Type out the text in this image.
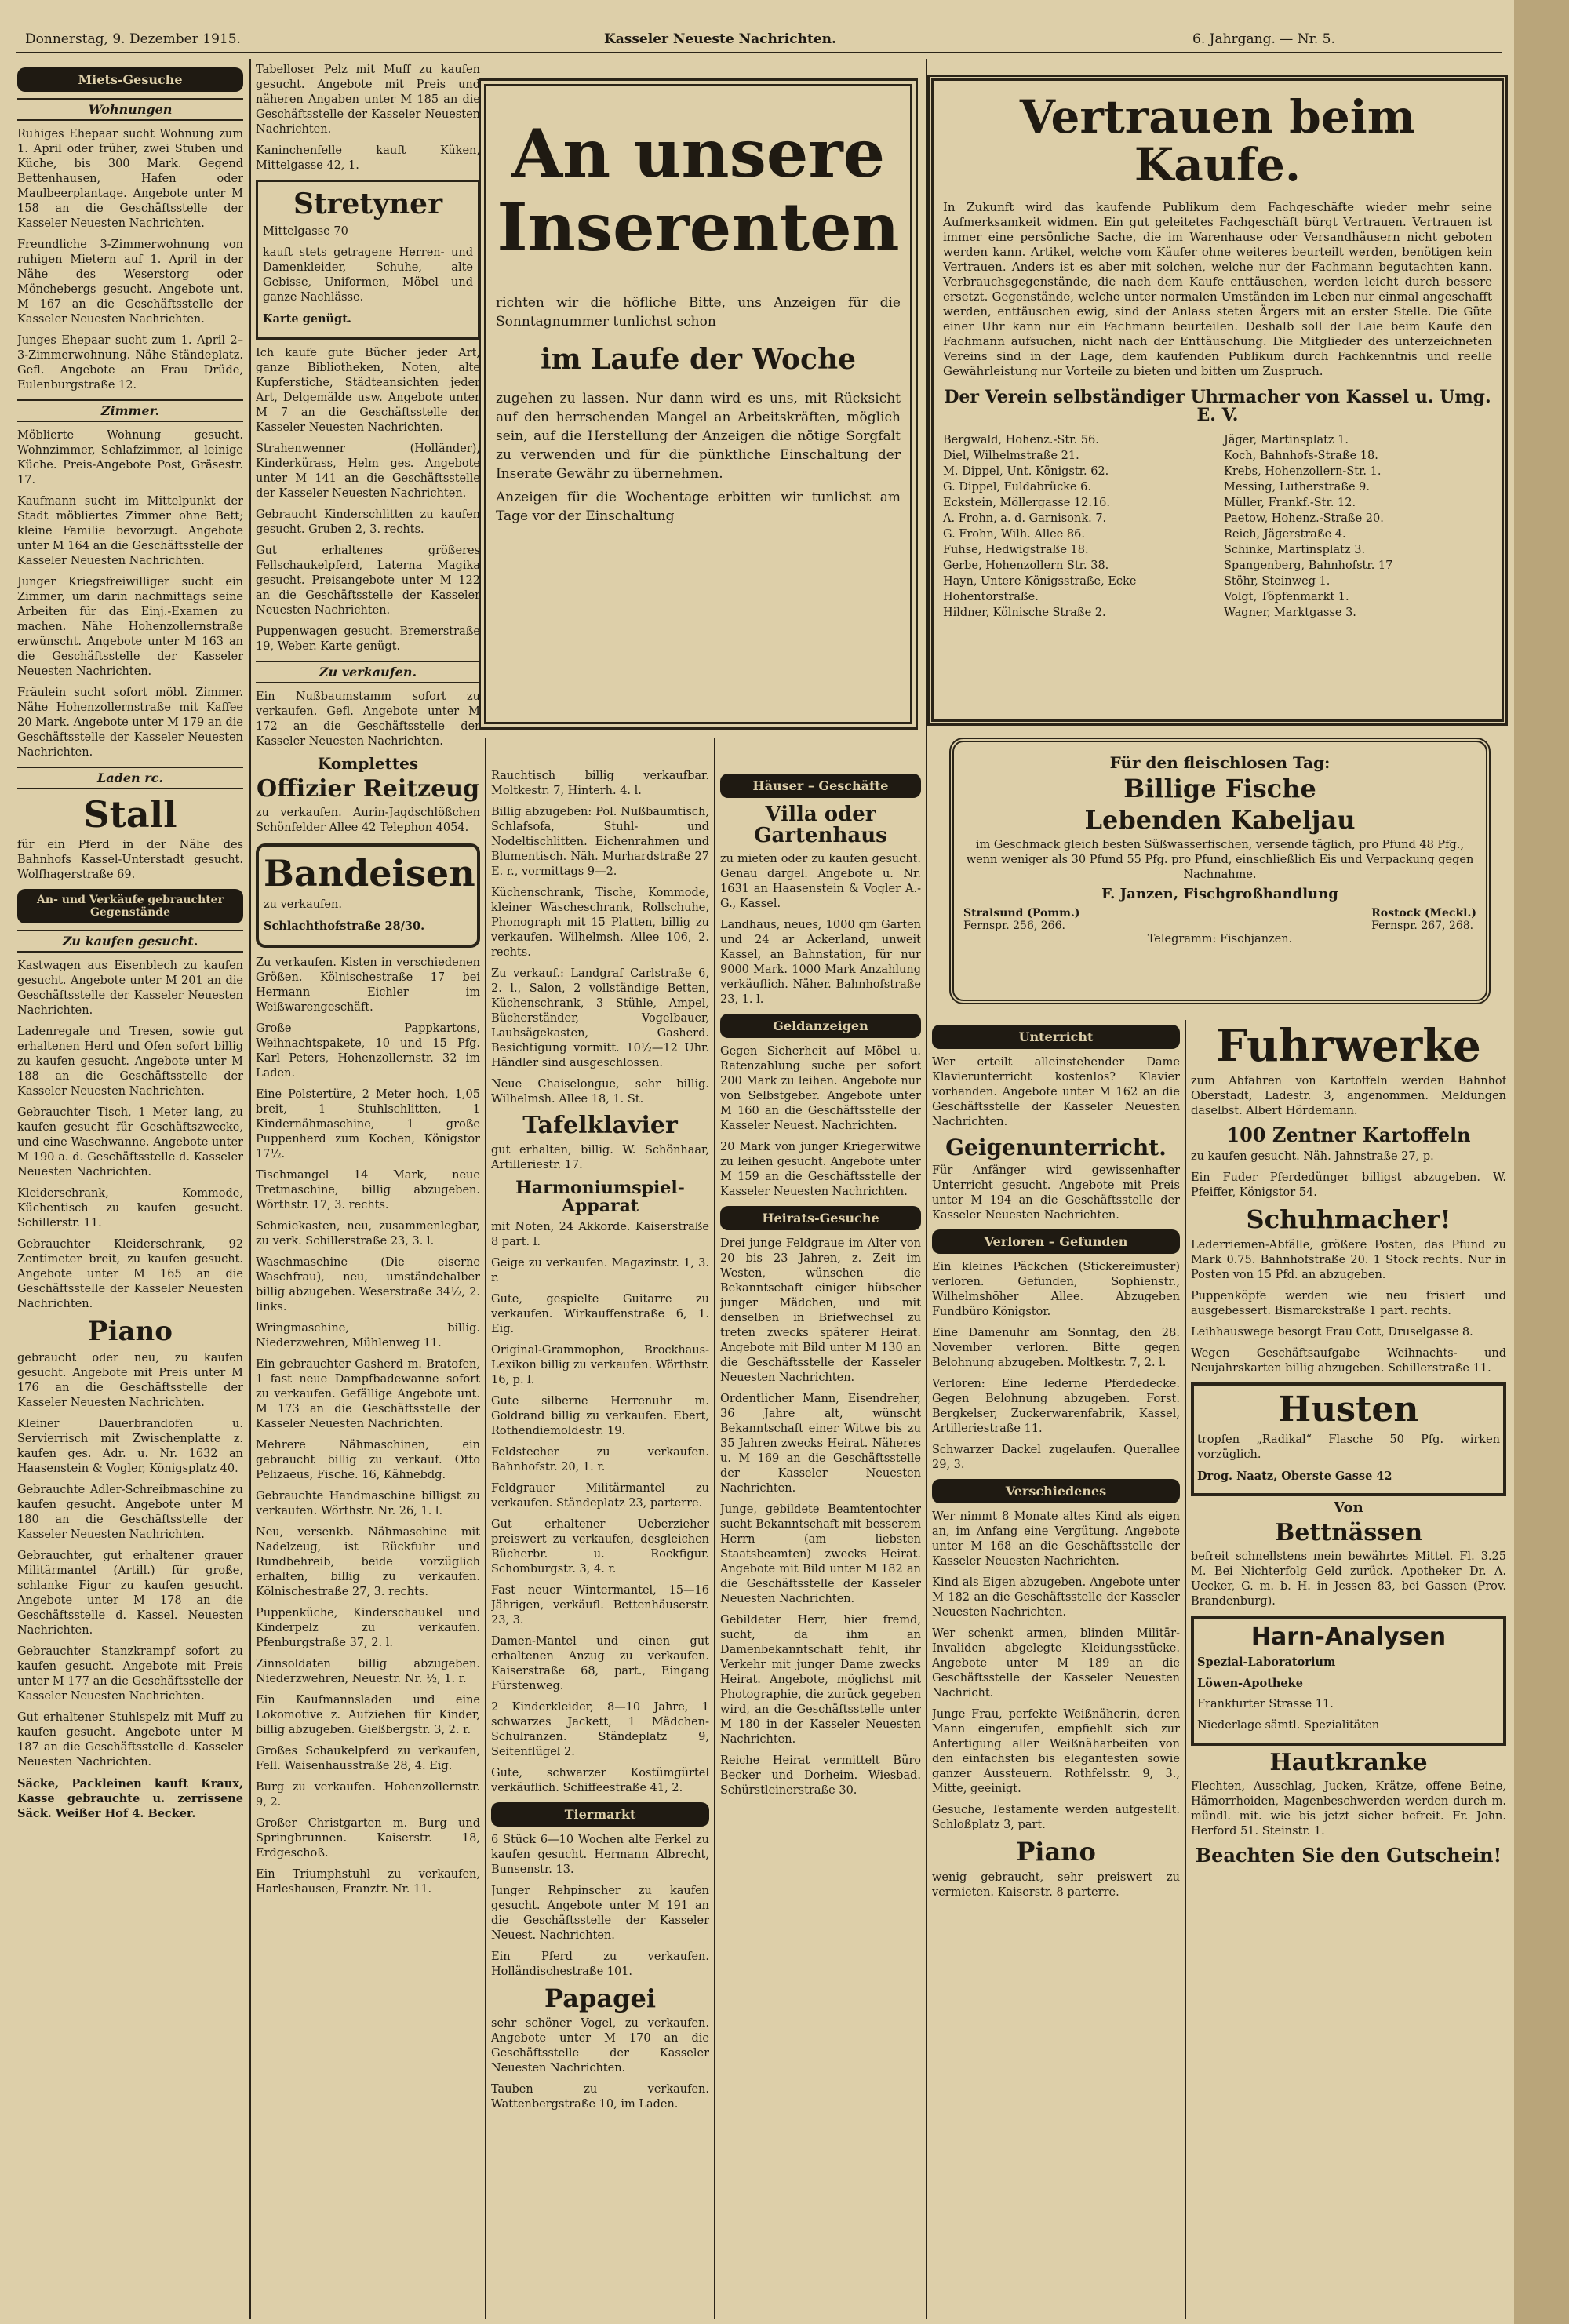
Donnerstag, 9. Dezember 1915.	Kasseler Neueste Nachrichten.	6. Jahrgang. — Nr. 5.
Miets-Gesuche
Wohnungen

Ruhiges Ehepaar sucht Wohnung zum 1. April oder früher, zwei Stuben und Küche, bis 300 Mark. Gegend Bettenhausen, Hafen oder Maulbeerplantage. Angebote unter M 158 an die Geschäftsstelle der Kasseler Neuesten Nachrichten.

Freundliche 3-Zimmerwohnung von ruhigen Mietern auf 1. April in der Nähe des Weserstorg oder Mönchebergs gesucht. Angebote unt. M 167 an die Geschäftsstelle der Kasseler Neuesten Nachrichten.

Junges Ehepaar sucht zum 1. April 2–3-Zimmerwohnung. Nähe Ständeplatz. Gefl. Angebote an Frau Drüde, Eulenburgstraße 12.

Zimmer.

Möblierte Wohnung gesucht. Wohnzimmer, Schlafzimmer, al leinige Küche. Preis-Angebote Post, Gräsestr. 17.

Kaufmann sucht im Mittelpunkt der Stadt möbliertes Zimmer ohne Bett; kleine Familie bevorzugt. Angebote unter M 164 an die Geschäftsstelle der Kasseler Neuesten Nachrichten.

Junger Kriegsfreiwilliger sucht ein Zimmer, um darin nachmittags seine Arbeiten für das Einj.-Examen zu machen. Nähe Hohenzollernstraße erwünscht. Angebote unter M 163 an die Geschäftsstelle der Kasseler Neuesten Nachrichten.

Fräulein sucht sofort möbl. Zimmer. Nähe Hohenzollernstraße mit Kaffee 20 Mark. Angebote unter M 179 an die Geschäftsstelle der Kasseler Neuesten Nachrichten.

Laden rc.
Stall

für ein Pferd in der Nähe des Bahnhofs Kassel-Unterstadt gesucht. Wolfhagerstraße 69.

An- und Verkäufe gebrauchter Gegenstände
Zu kaufen gesucht.

Kastwagen aus Eisenblech zu kaufen gesucht. Angebote unter M 201 an die Geschäftsstelle der Kasseler Neuesten Nachrichten.

Ladenregale und Tresen, sowie gut erhaltenen Herd und Ofen sofort billig zu kaufen gesucht. Angebote unter M 188 an die Geschäftsstelle der Kasseler Neuesten Nachrichten.

Gebrauchter Tisch, 1 Meter lang, zu kaufen gesucht für Geschäftszwecke, und eine Waschwanne. Angebote unter M 190 a. d. Geschäftsstelle d. Kasseler Neuesten Nachrichten.

Kleiderschrank, Kommode, Küchentisch zu kaufen gesucht. Schillerstr. 11.

Gebrauchter Kleiderschrank, 92 Zentimeter breit, zu kaufen gesucht. Angebote unter M 165 an die Geschäftsstelle der Kasseler Neuesten Nachrichten.

Piano

gebraucht oder neu, zu kaufen gesucht. Angebote mit Preis unter M 176 an die Geschäftsstelle der Kasseler Neuesten Nachrichten.

Kleiner Dauerbrandofen u. Servierrisch mit Zwischenplatte z. kaufen ges. Adr. u. Nr. 1632 an Haasenstein & Vogler, Königsplatz 40.

Gebrauchte Adler-Schreibmaschine zu kaufen gesucht. Angebote unter M 180 an die Geschäftsstelle der Kasseler Neuesten Nachrichten.

Gebrauchter, gut erhaltener grauer Militärmantel (Artill.) für große, schlanke Figur zu kaufen gesucht. Angebote unter M 178 an die Geschäftsstelle d. Kassel. Neuesten Nachrichten.

Gebrauchter Stanzkrampf sofort zu kaufen gesucht. Angebote mit Preis unter M 177 an die Geschäftsstelle der Kasseler Neuesten Nachrichten.

Gut erhaltener Stuhlspelz mit Muff zu kaufen gesucht. Angebote unter M 187 an die Geschäftsstelle d. Kasseler Neuesten Nachrichten.

Säcke, Packleinen kauft Kraux, Kasse gebrauchte u. zerrissene Säck. Weißer Hof 4. Becker.

Tabelloser Pelz mit Muff zu kaufen gesucht. Angebote mit Preis und näheren Angaben unter M 185 an die Geschäftsstelle der Kasseler Neuesten Nachrichten.

Kaninchenfelle kauft Küken, Mittelgasse 42, 1.

Stretyner

Mittelgasse 70

kauft stets getragene Herren- und Damenkleider, Schuhe, alte Gebisse, Uniformen, Möbel und ganze Nachlässe.

Karte genügt.

Ich kaufe gute Bücher jeder Art, ganze Bibliotheken, Noten, alte Kupferstiche, Städteansichten jeder Art, Delgemälde usw. Angebote unter M 7 an die Geschäftsstelle der Kasseler Neuesten Nachrichten.

Strahenwenner (Holländer), Kinderkürass, Helm ges. Angebote unter M 141 an die Geschäftsstelle der Kasseler Neuesten Nachrichten.

Gebraucht Kinderschlitten zu kaufen gesucht. Gruben 2, 3. rechts.

Gut erhaltenes größeres Fellschaukelpferd, Laterna Magika gesucht. Preisangebote unter M 122 an die Geschäftsstelle der Kasseler Neuesten Nachrichten.

Puppenwagen gesucht. Bremerstraße 19, Weber. Karte genügt.

Zu verkaufen.

Ein Nußbaumstamm sofort zu verkaufen. Gefl. Angebote unter M 172 an die Geschäftsstelle der Kasseler Neuesten Nachrichten.

Komplettes
Offizier Reitzeug

zu verkaufen. Aurin-Jagdschlößchen Schönfelder Allee 42 Telephon 4054.

Bandeisen

zu verkaufen.

Schlachthofstraße 28/30.

Zu verkaufen. Kisten in verschiedenen Größen. Kölnischestraße 17 bei Hermann Eichler im Weißwarengeschäft.

Große Pappkartons, Weihnachtspakete, 10 und 15 Pfg. Karl Peters, Hohenzollernstr. 32 im Laden.

Eine Polstertüre, 2 Meter hoch, 1,05 breit, 1 Stuhlschlitten, 1 Kindernähmaschine, 1 große Puppenherd zum Kochen, Königstor 17½.

Tischmangel 14 Mark, neue Tretmaschine, billig abzugeben. Wörthstr. 17, 3. rechts.

Schmiekasten, neu, zusammenlegbar, zu verk. Schillerstraße 23, 3. l.

Waschmaschine (Die eiserne Waschfrau), neu, umständehalber billig abzugeben. Weserstraße 34½, 2. links.

Wringmaschine, billig. Niederzwehren, Mühlenweg 11.

Ein gebrauchter Gasherd m. Bratofen, 1 fast neue Dampfbadewanne sofort zu verkaufen. Gefällige Angebote unt. M 173 an die Geschäftsstelle der Kasseler Neuesten Nachrichten.

Mehrere Nähmaschinen, ein gebraucht billig zu verkauf. Otto Pelizaeus, Fische. 16, Kähnebdg.

Gebrauchte Handmaschine billigst zu verkaufen. Wörthstr. Nr. 26, 1. l.

Neu, versenkb. Nähmaschine mit Nadelzeug, ist Rückfuhr und Rundbehreib, beide vorzüglich erhalten, billig zu verkaufen. Kölnischestraße 27, 3. rechts.

Puppenküche, Kinderschaukel und Kinderpelz zu verkaufen. Pfenburgstraße 37, 2. l.

Zinnsoldaten billig abzugeben. Niederzwehren, Neuestr. Nr. ½, 1. r.

Ein Kaufmannsladen und eine Lokomotive z. Aufziehen für Kinder, billig abzugeben. Gießbergstr. 3, 2. r.

Großes Schaukelpferd zu verkaufen, Fell. Waisenhausstraße 28, 4. Eig.

Burg zu verkaufen. Hohenzollernstr. 9, 2.

Großer Christgarten m. Burg und Springbrunnen. Kaiserstr. 18, Erdgeschoß.

Ein Triumphstuhl zu verkaufen, Harleshausen, Franztr. Nr. 11.

An unsere
Inserenten

richten wir die höfliche Bitte, uns Anzeigen für die Sonntagnummer tunlichst schon

im Laufe der Woche

zugehen zu lassen. Nur dann wird es uns, mit Rücksicht auf den herrschenden Mangel an Arbeitskräften, möglich sein, auf die Herstellung der Anzeigen die nötige Sorgfalt zu verwenden und für die pünktliche Einschaltung der Inserate Gewähr zu übernehmen.

Anzeigen für die Wochentage erbitten wir tunlichst am Tage vor der Einschaltung

Rauchtisch billig verkaufbar. Moltkestr. 7, Hinterh. 4. l.

Billig abzugeben: Pol. Nußbaumtisch, Schlafsofa, Stuhl- und Nodeltischlitten. Eichenrahmen und Blumentisch. Näh. Murhardstraße 27 E. r., vormittags 9—2.

Küchenschrank, Tische, Kommode, kleiner Wäscheschrank, Rollschuhe, Phonograph mit 15 Platten, billig zu verkaufen. Wilhelmsh. Allee 106, 2. rechts.

Zu verkauf.: Landgraf Carlstraße 6, 2. l., Salon, 2 vollständige Betten, Küchenschrank, 3 Stühle, Ampel, Bücherständer, Vogelbauer, Laubsägekasten, Gasherd. Besichtigung vormitt. 10½—12 Uhr. Händler sind ausgeschlossen.

Neue Chaiselongue, sehr billig. Wilhelmsh. Allee 18, 1. St.

Tafelklavier

gut erhalten, billig. W. Schönhaar, Artilleriestr. 17.

Harmoniumspiel-Apparat

mit Noten, 24 Akkorde. Kaiserstraße 8 part. l.

Geige zu verkaufen. Magazinstr. 1, 3. r.

Gute, gespielte Guitarre zu verkaufen. Wirkauffenstraße 6, 1. Eig.

Original-Grammophon, Brockhaus-Lexikon billig zu verkaufen. Wörthstr. 16, p. l.

Gute silberne Herrenuhr m. Goldrand billig zu verkaufen. Ebert, Rothendiemoldestr. 19.

Feldstecher zu verkaufen. Bahnhofstr. 20, 1. r.

Feldgrauer Militärmantel zu verkaufen. Ständeplatz 23, parterre.

Gut erhaltener Ueberzieher preiswert zu verkaufen, desgleichen Bücherbr. u. Rockfigur. Schomburgstr. 3, 4. r.

Fast neuer Wintermantel, 15—16 Jährigen, verkäufl. Bettenhäuserstr. 23, 3.

Damen-Mantel und einen gut erhaltenen Anzug zu verkaufen. Kaiserstraße 68, part., Eingang Fürstenweg.

2 Kinderkleider, 8—10 Jahre, 1 schwarzes Jackett, 1 Mädchen-Schulranzen. Ständeplatz 9, Seitenflügel 2.

Gute, schwarzer Kostümgürtel verkäuflich. Schiffeestraße 41, 2.

Tiermarkt

6 Stück 6—10 Wochen alte Ferkel zu kaufen gesucht. Hermann Albrecht, Bunsenstr. 13.

Junger Rehpinscher zu kaufen gesucht. Angebote unter M 191 an die Geschäftsstelle der Kasseler Neuest. Nachrichten.

Ein Pferd zu verkaufen. Holländischestraße 101.

Papagei

sehr schöner Vogel, zu verkaufen. Angebote unter M 170 an die Geschäftsstelle der Kasseler Neuesten Nachrichten.

Tauben zu verkaufen. Wattenbergstraße 10, im Laden.

Häuser – Geschäfte
Villa oder Gartenhaus

zu mieten oder zu kaufen gesucht. Genau dargel. Angebote u. Nr. 1631 an Haasenstein & Vogler A.-G., Kassel.

Landhaus, neues, 1000 qm Garten und 24 ar Ackerland, unweit Kassel, an Bahnstation, für nur 9000 Mark. 1000 Mark Anzahlung verkäuflich. Näher. Bahnhofstraße 23, 1. l.

Geldanzeigen

Gegen Sicherheit auf Möbel u. Ratenzahlung suche per sofort 200 Mark zu leihen. Angebote nur von Selbstgeber. Angebote unter M 160 an die Geschäftsstelle der Kasseler Neuest. Nachrichten.

20 Mark von junger Kriegerwitwe zu leihen gesucht. Angebote unter M 159 an die Geschäftsstelle der Kasseler Neuesten Nachrichten.

Heirats-Gesuche

Drei junge Feldgraue im Alter von 20 bis 23 Jahren, z. Zeit im Westen, wünschen die Bekanntschaft einiger hübscher junger Mädchen, und mit denselben in Briefwechsel zu treten zwecks späterer Heirat. Angebote mit Bild unter M 130 an die Geschäftsstelle der Kasseler Neuesten Nachrichten.

Ordentlicher Mann, Eisendreher, 36 Jahre alt, wünscht Bekanntschaft einer Witwe bis zu 35 Jahren zwecks Heirat. Näheres u. M 169 an die Geschäftsstelle der Kasseler Neuesten Nachrichten.

Junge, gebildete Beamtentochter sucht Bekanntschaft mit besserem Herrn (am liebsten Staatsbeamten) zwecks Heirat. Angebote mit Bild unter M 182 an die Geschäftsstelle der Kasseler Neuesten Nachrichten.

Gebildeter Herr, hier fremd, sucht, da ihm an Damenbekanntschaft fehlt, ihr Verkehr mit junger Dame zwecks Heirat. Angebote, möglichst mit Photographie, die zurück gegeben wird, an die Geschäftsstelle unter M 180 in der Kasseler Neuesten Nachrichten.

Reiche Heirat vermittelt Büro Becker und Dorheim. Wiesbad. Schürstleinerstraße 30.

Vertrauen beim Kaufe.

In Zukunft wird das kaufende Publikum dem Fachgeschäfte wieder mehr seine Aufmerksamkeit widmen. Ein gut geleitetes Fachgeschäft bürgt Vertrauen. Vertrauen ist immer eine persönliche Sache, die im Warenhause oder Versandhäusern nicht geboten werden kann. Artikel, welche vom Käufer ohne weiteres beurteilt werden, benötigen kein Vertrauen. Anders ist es aber mit solchen, welche nur der Fachmann begutachten kann. Verbrauchsgegenstände, die nach dem Kaufe enttäuschen, werden leicht durch bessere ersetzt. Gegenstände, welche unter normalen Umständen im Leben nur einmal angeschafft werden, enttäuschen ewig, sind der Anlass steten Ärgers mit an erster Stelle. Die Güte einer Uhr kann nur ein Fachmann beurteilen. Deshalb soll der Laie beim Kaufe den Fachmann aufsuchen, nicht nach der Enttäuschung. Die Mitglieder des unterzeichneten Vereins sind in der Lage, dem kaufenden Publikum durch Fachkenntnis und reelle Gewährleistung nur Vorteile zu bieten und bitten um Zuspruch.

Der Verein selbständiger Uhrmacher von Kassel u. Umg. E. V.
Bergwald, Hohenz.-Str. 56.
Diel, Wilhelmstraße 21.
M. Dippel, Unt. Königstr. 62.
G. Dippel, Fuldabrücke 6.
Eckstein, Möllergasse 12.16.
A. Frohn, a. d. Garnisonk. 7.
G. Frohn, Wilh. Allee 86.
Fuhse, Hedwigstraße 18.
Gerbe, Hohenzollern Str. 38.
Hayn, Untere Königsstraße, Ecke Hohentorstraße.
Hildner, Kölnische Straße 2.
Jäger, Martinsplatz 1.
Koch, Bahnhofs-Straße 18.
Krebs, Hohenzollern-Str. 1.
Messing, Lutherstraße 9.
Müller, Frankf.-Str. 12.
Paetow, Hohenz.-Straße 20.
Reich, Jägerstraße 4.
Schinke, Martinsplatz 3.
Spangenberg, Bahnhofstr. 17
Stöhr, Steinweg 1.
Volgt, Töpfenmarkt 1.
Wagner, Marktgasse 3.
Für den fleischlosen Tag:
Billige Fische
Lebenden Kabeljau

im Geschmack gleich besten Süßwasserfischen, versende täglich, pro Pfund 48 Pfg., wenn weniger als 30 Pfund 55 Pfg. pro Pfund, einschließlich Eis und Verpackung gegen Nachnahme.

F. Janzen, Fischgroßhandlung
Stralsund (Pomm.)
Fernspr. 256, 266.
Rostock (Meckl.)
Fernspr. 267, 268.

Telegramm: Fischjanzen.

Unterricht

Wer erteilt alleinstehender Dame Klavierunterricht kostenlos? Klavier vorhanden. Angebote unter M 162 an die Geschäftsstelle der Kasseler Neuesten Nachrichten.

Geigenunterricht.

Für Anfänger wird gewissenhafter Unterricht gesucht. Angebote mit Preis unter M 194 an die Geschäftsstelle der Kasseler Neuesten Nachrichten.

Verloren – Gefunden

Ein kleines Päckchen (Stickereimuster) verloren. Gefunden, Sophienstr., Wilhelmshöher Allee. Abzugeben Fundbüro Königstor.

Eine Damenuhr am Sonntag, den 28. November verloren. Bitte gegen Belohnung abzugeben. Moltkestr. 7, 2. l.

Verloren: Eine lederne Pferdedecke. Gegen Belohnung abzugeben. Forst. Bergkelser, Zuckerwarenfabrik, Kassel, Artilleriestraße 11.

Schwarzer Dackel zugelaufen. Querallee 29, 3.

Verschiedenes

Wer nimmt 8 Monate altes Kind als eigen an, im Anfang eine Vergütung. Angebote unter M 168 an die Geschäftsstelle der Kasseler Neuesten Nachrichten.

Kind als Eigen abzugeben. Angebote unter M 182 an die Geschäftsstelle der Kasseler Neuesten Nachrichten.

Wer schenkt armen, blinden Militär-Invaliden abgelegte Kleidungsstücke. Angebote unter M 189 an die Geschäftsstelle der Kasseler Neuesten Nachricht.

Junge Frau, perfekte Weißnäherin, deren Mann eingerufen, empfiehlt sich zur Anfertigung aller Weißnäharbeiten von den einfachsten bis elegantesten sowie ganzer Aussteuern. Rothfelsstr. 9, 3., Mitte, geeinigt.

Gesuche, Testamente werden aufgestellt. Schloßplatz 3, part.

Piano

wenig gebraucht, sehr preiswert zu vermieten. Kaiserstr. 8 parterre.

Fuhrwerke

zum Abfahren von Kartoffeln werden Bahnhof Oberstadt, Ladestr. 3, angenommen. Meldungen daselbst. Albert Hördemann.

100 Zentner Kartoffeln

zu kaufen gesucht. Näh. Jahnstraße 27, p.

Ein Fuder Pferdedünger billigst abzugeben. W. Pfeiffer, Königstor 54.

Schuhmacher!

Lederriemen-Abfälle, größere Posten, das Pfund zu Mark 0.75. Bahnhofstraße 20. 1 Stock rechts. Nur in Posten von 15 Pfd. an abzugeben.

Puppenköpfe werden wie neu frisiert und ausgebessert. Bismarckstraße 1 part. rechts.

Leihhauswege besorgt Frau Cott, Druselgasse 8.

Wegen Geschäftsaufgabe Weihnachts- und Neujahrskarten billig abzugeben. Schillerstraße 11.

Husten

tropfen „Radikal“ Flasche 50 Pfg. wirken vorzüglich.

Drog. Naatz, Oberste Gasse 42

Von
Bettnässen

befreit schnellstens mein bewährtes Mittel. Fl. 3.25 M. Bei Nichterfolg Geld zurück. Apotheker Dr. A. Uecker, G. m. b. H. in Jessen 83, bei Gassen (Prov. Brandenburg).

Harn-Analysen

Spezial-Laboratorium

Löwen-Apotheke

Frankfurter Strasse 11.

Niederlage sämtl. Spezialitäten

Hautkranke

Flechten, Ausschlag, Jucken, Krätze, offene Beine, Hämorrhoiden, Magenbeschwerden werden durch m. mündl. mit. wie bis jetzt sicher befreit. Fr. John. Herford 51. Steinstr. 1.

Beachten Sie den Gutschein!
